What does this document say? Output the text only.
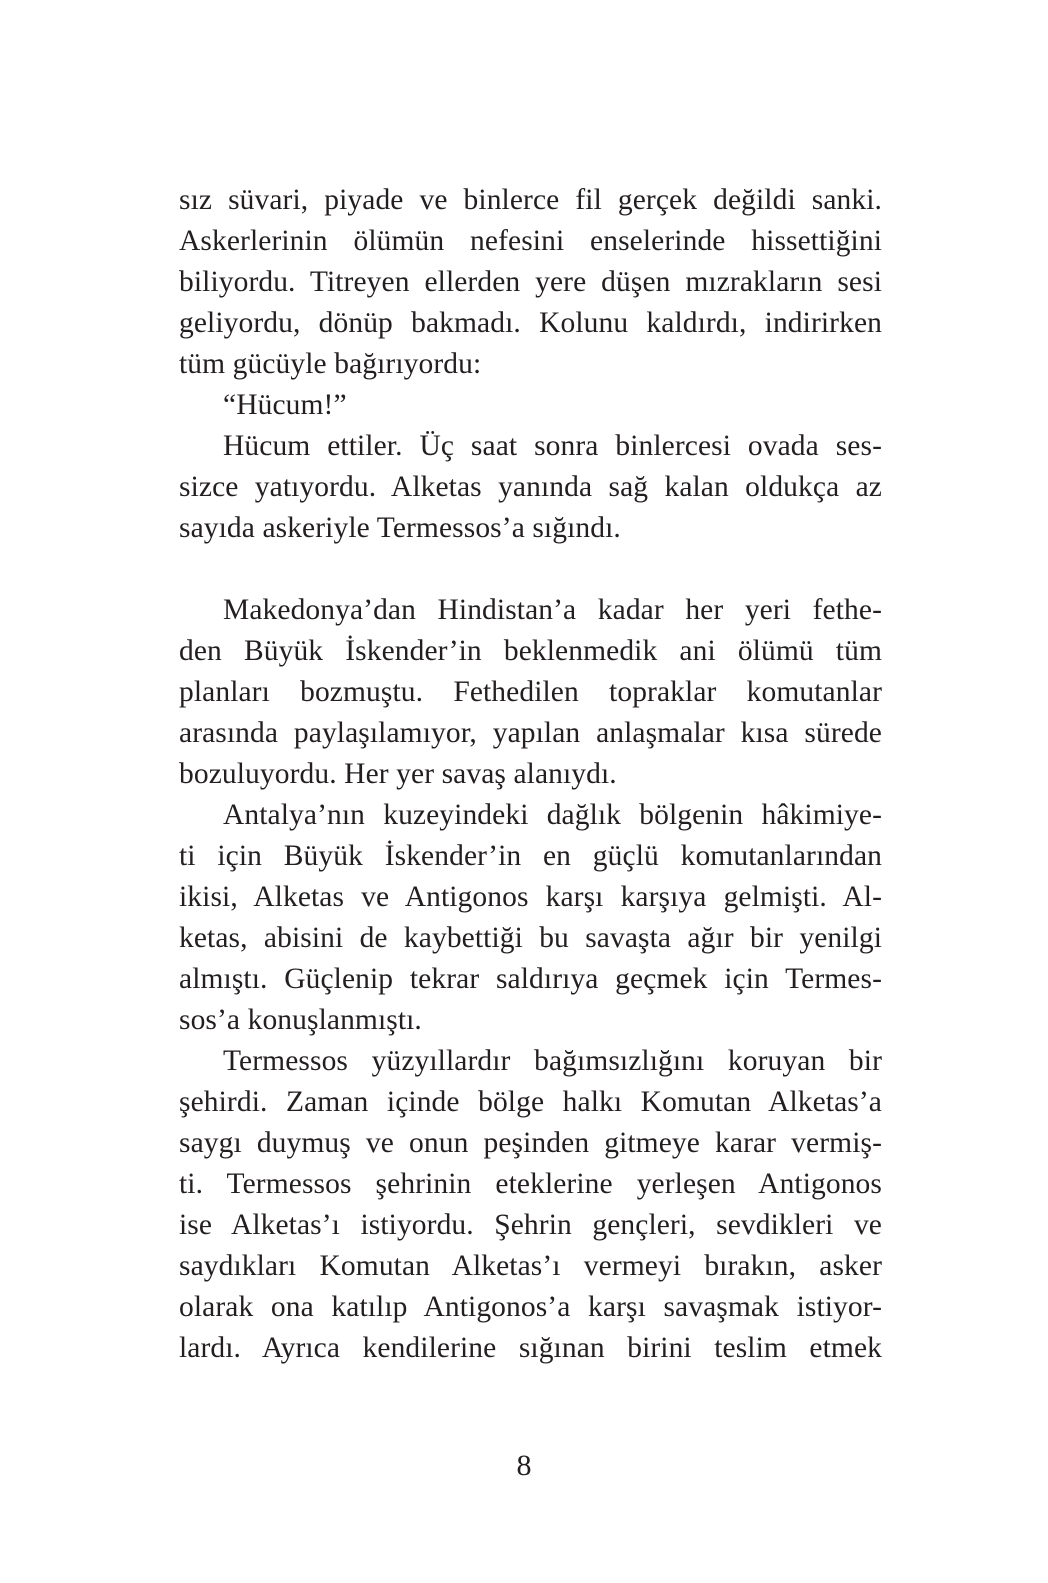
sız süvari, piyade ve binlerce fil gerçek değildi sanki.
Askerlerinin ölümün nefesini enselerinde hissettiğini
biliyordu. Titreyen ellerden yere düşen mızrakların sesi
geliyordu, dönüp bakmadı. Kolunu kaldırdı, indirirken
tüm gücüyle bağırıyordu:
“Hücum!”
Hücum ettiler. Üç saat sonra binlercesi ovada ses-
sizce yatıyordu. Alketas yanında sağ kalan oldukça az
sayıda askeriyle Termessos’a sığındı.
Makedonya’dan Hindistan’a kadar her yeri fethe-
den Büyük İskender’in beklenmedik ani ölümü tüm
planları bozmuştu. Fethedilen topraklar komutanlar
arasında paylaşılamıyor, yapılan anlaşmalar kısa sürede
bozuluyordu. Her yer savaş alanıydı.
Antalya’nın kuzeyindeki dağlık bölgenin hâkimiye-
ti için Büyük İskender’in en güçlü komutanlarından
ikisi, Alketas ve Antigonos karşı karşıya gelmişti. Al-
ketas, abisini de kaybettiği bu savaşta ağır bir yenilgi
almıştı. Güçlenip tekrar saldırıya geçmek için Termes-
sos’a konuşlanmıştı.
Termessos yüzyıllardır bağımsızlığını koruyan bir
şehirdi. Zaman içinde bölge halkı Komutan Alketas’a
saygı duymuş ve onun peşinden gitmeye karar vermiş-
ti. Termessos şehrinin eteklerine yerleşen Antigonos
ise Alketas’ı istiyordu. Şehrin gençleri, sevdikleri ve
saydıkları Komutan Alketas’ı vermeyi bırakın, asker
olarak ona katılıp Antigonos’a karşı savaşmak istiyor-
lardı. Ayrıca kendilerine sığınan birini teslim etmek
8
